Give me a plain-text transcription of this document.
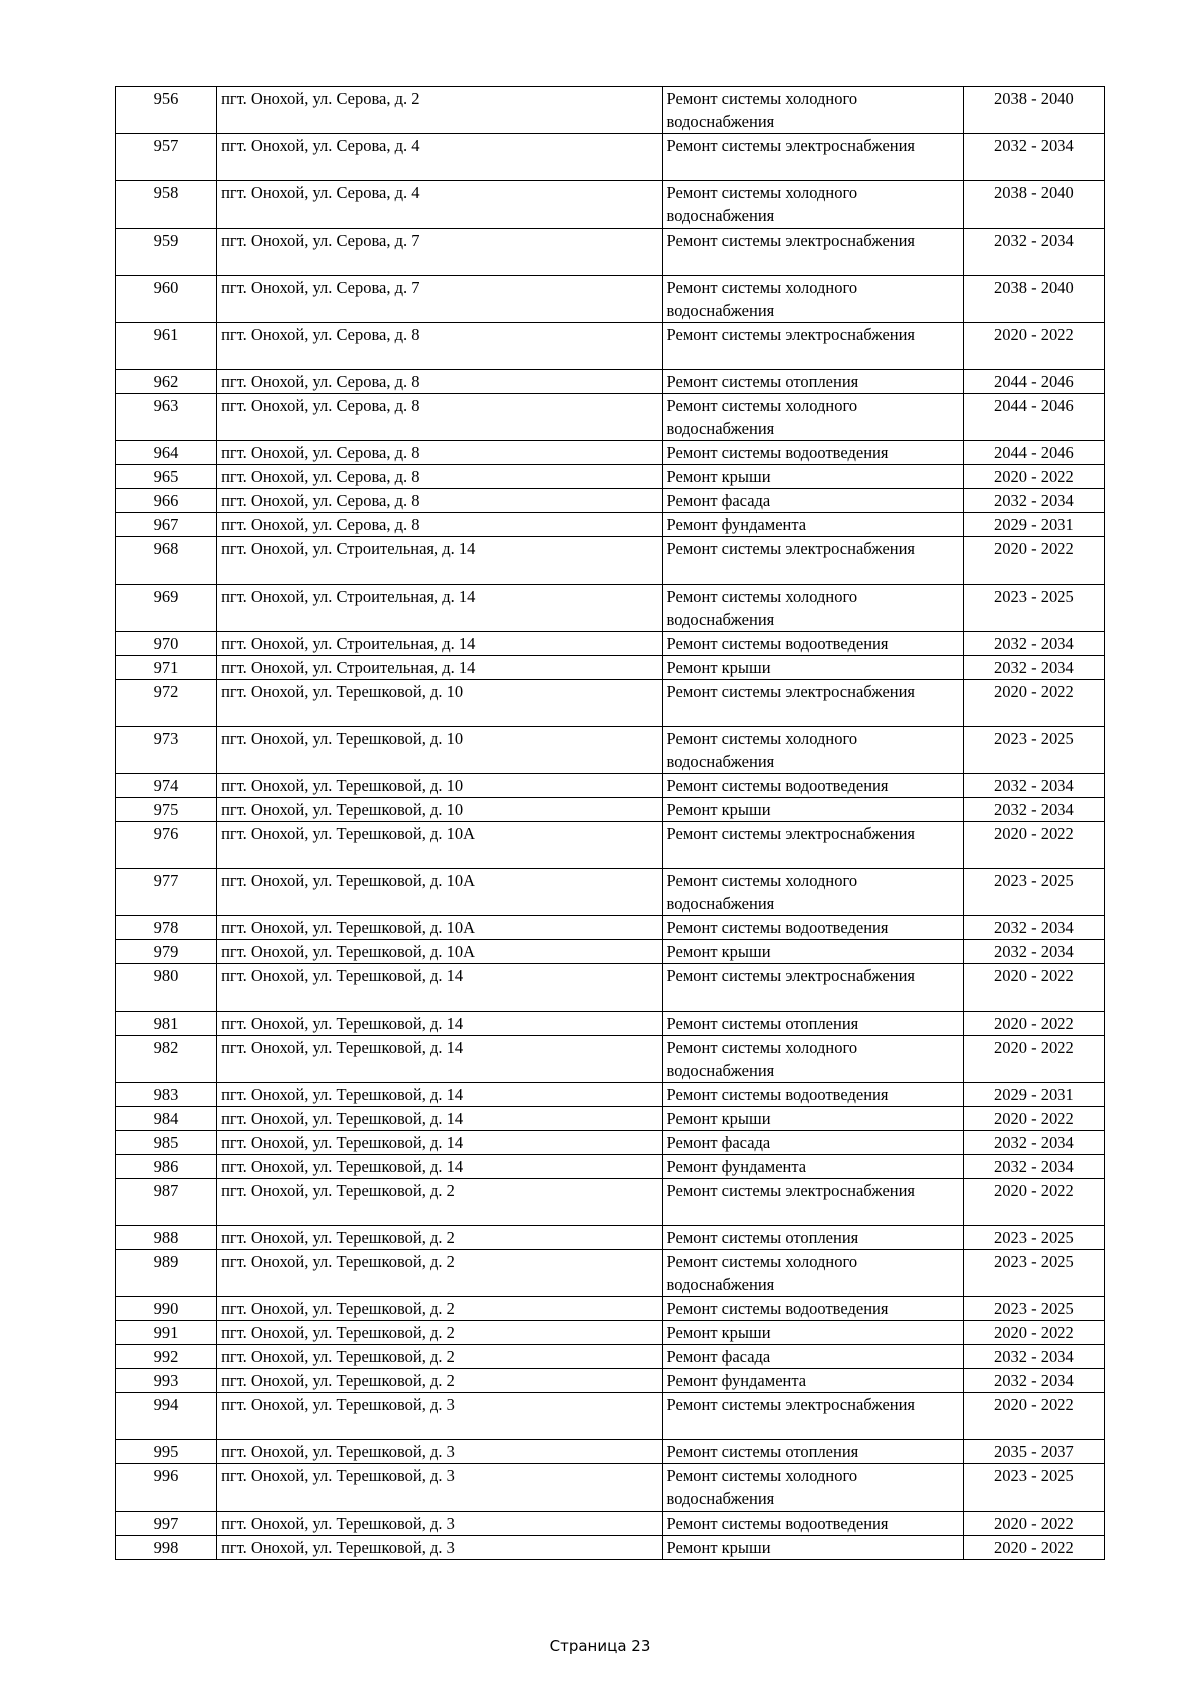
956	пгт. Онохой, ул. Серова, д. 2	Ремонт системы холодного водоснабжения	2038 - 2040
957	пгт. Онохой, ул. Серова, д. 4	Ремонт системы электроснабжения	2032 - 2034
958	пгт. Онохой, ул. Серова, д. 4	Ремонт системы холодного водоснабжения	2038 - 2040
959	пгт. Онохой, ул. Серова, д. 7	Ремонт системы электроснабжения	2032 - 2034
960	пгт. Онохой, ул. Серова, д. 7	Ремонт системы холодного водоснабжения	2038 - 2040
961	пгт. Онохой, ул. Серова, д. 8	Ремонт системы электроснабжения	2020 - 2022
962	пгт. Онохой, ул. Серова, д. 8	Ремонт системы отопления	2044 - 2046
963	пгт. Онохой, ул. Серова, д. 8	Ремонт системы холодного водоснабжения	2044 - 2046
964	пгт. Онохой, ул. Серова, д. 8	Ремонт системы водоотведения	2044 - 2046
965	пгт. Онохой, ул. Серова, д. 8	Ремонт крыши	2020 - 2022
966	пгт. Онохой, ул. Серова, д. 8	Ремонт фасада	2032 - 2034
967	пгт. Онохой, ул. Серова, д. 8	Ремонт фундамента	2029 - 2031
968	пгт. Онохой, ул. Строительная, д. 14	Ремонт системы электроснабжения	2020 - 2022
969	пгт. Онохой, ул. Строительная, д. 14	Ремонт системы холодного водоснабжения	2023 - 2025
970	пгт. Онохой, ул. Строительная, д. 14	Ремонт системы водоотведения	2032 - 2034
971	пгт. Онохой, ул. Строительная, д. 14	Ремонт крыши	2032 - 2034
972	пгт. Онохой, ул. Терешковой, д. 10	Ремонт системы электроснабжения	2020 - 2022
973	пгт. Онохой, ул. Терешковой, д. 10	Ремонт системы холодного водоснабжения	2023 - 2025
974	пгт. Онохой, ул. Терешковой, д. 10	Ремонт системы водоотведения	2032 - 2034
975	пгт. Онохой, ул. Терешковой, д. 10	Ремонт крыши	2032 - 2034
976	пгт. Онохой, ул. Терешковой, д. 10А	Ремонт системы электроснабжения	2020 - 2022
977	пгт. Онохой, ул. Терешковой, д. 10А	Ремонт системы холодного водоснабжения	2023 - 2025
978	пгт. Онохой, ул. Терешковой, д. 10А	Ремонт системы водоотведения	2032 - 2034
979	пгт. Онохой, ул. Терешковой, д. 10А	Ремонт крыши	2032 - 2034
980	пгт. Онохой, ул. Терешковой, д. 14	Ремонт системы электроснабжения	2020 - 2022
981	пгт. Онохой, ул. Терешковой, д. 14	Ремонт системы отопления	2020 - 2022
982	пгт. Онохой, ул. Терешковой, д. 14	Ремонт системы холодного водоснабжения	2020 - 2022
983	пгт. Онохой, ул. Терешковой, д. 14	Ремонт системы водоотведения	2029 - 2031
984	пгт. Онохой, ул. Терешковой, д. 14	Ремонт крыши	2020 - 2022
985	пгт. Онохой, ул. Терешковой, д. 14	Ремонт фасада	2032 - 2034
986	пгт. Онохой, ул. Терешковой, д. 14	Ремонт фундамента	2032 - 2034
987	пгт. Онохой, ул. Терешковой, д. 2	Ремонт системы электроснабжения	2020 - 2022
988	пгт. Онохой, ул. Терешковой, д. 2	Ремонт системы отопления	2023 - 2025
989	пгт. Онохой, ул. Терешковой, д. 2	Ремонт системы холодного водоснабжения	2023 - 2025
990	пгт. Онохой, ул. Терешковой, д. 2	Ремонт системы водоотведения	2023 - 2025
991	пгт. Онохой, ул. Терешковой, д. 2	Ремонт крыши	2020 - 2022
992	пгт. Онохой, ул. Терешковой, д. 2	Ремонт фасада	2032 - 2034
993	пгт. Онохой, ул. Терешковой, д. 2	Ремонт фундамента	2032 - 2034
994	пгт. Онохой, ул. Терешковой, д. 3	Ремонт системы электроснабжения	2020 - 2022
995	пгт. Онохой, ул. Терешковой, д. 3	Ремонт системы отопления	2035 - 2037
996	пгт. Онохой, ул. Терешковой, д. 3	Ремонт системы холодного водоснабжения	2023 - 2025
997	пгт. Онохой, ул. Терешковой, д. 3	Ремонт системы водоотведения	2020 - 2022
998	пгт. Онохой, ул. Терешковой, д. 3	Ремонт крыши	2020 - 2022
Страница 23
